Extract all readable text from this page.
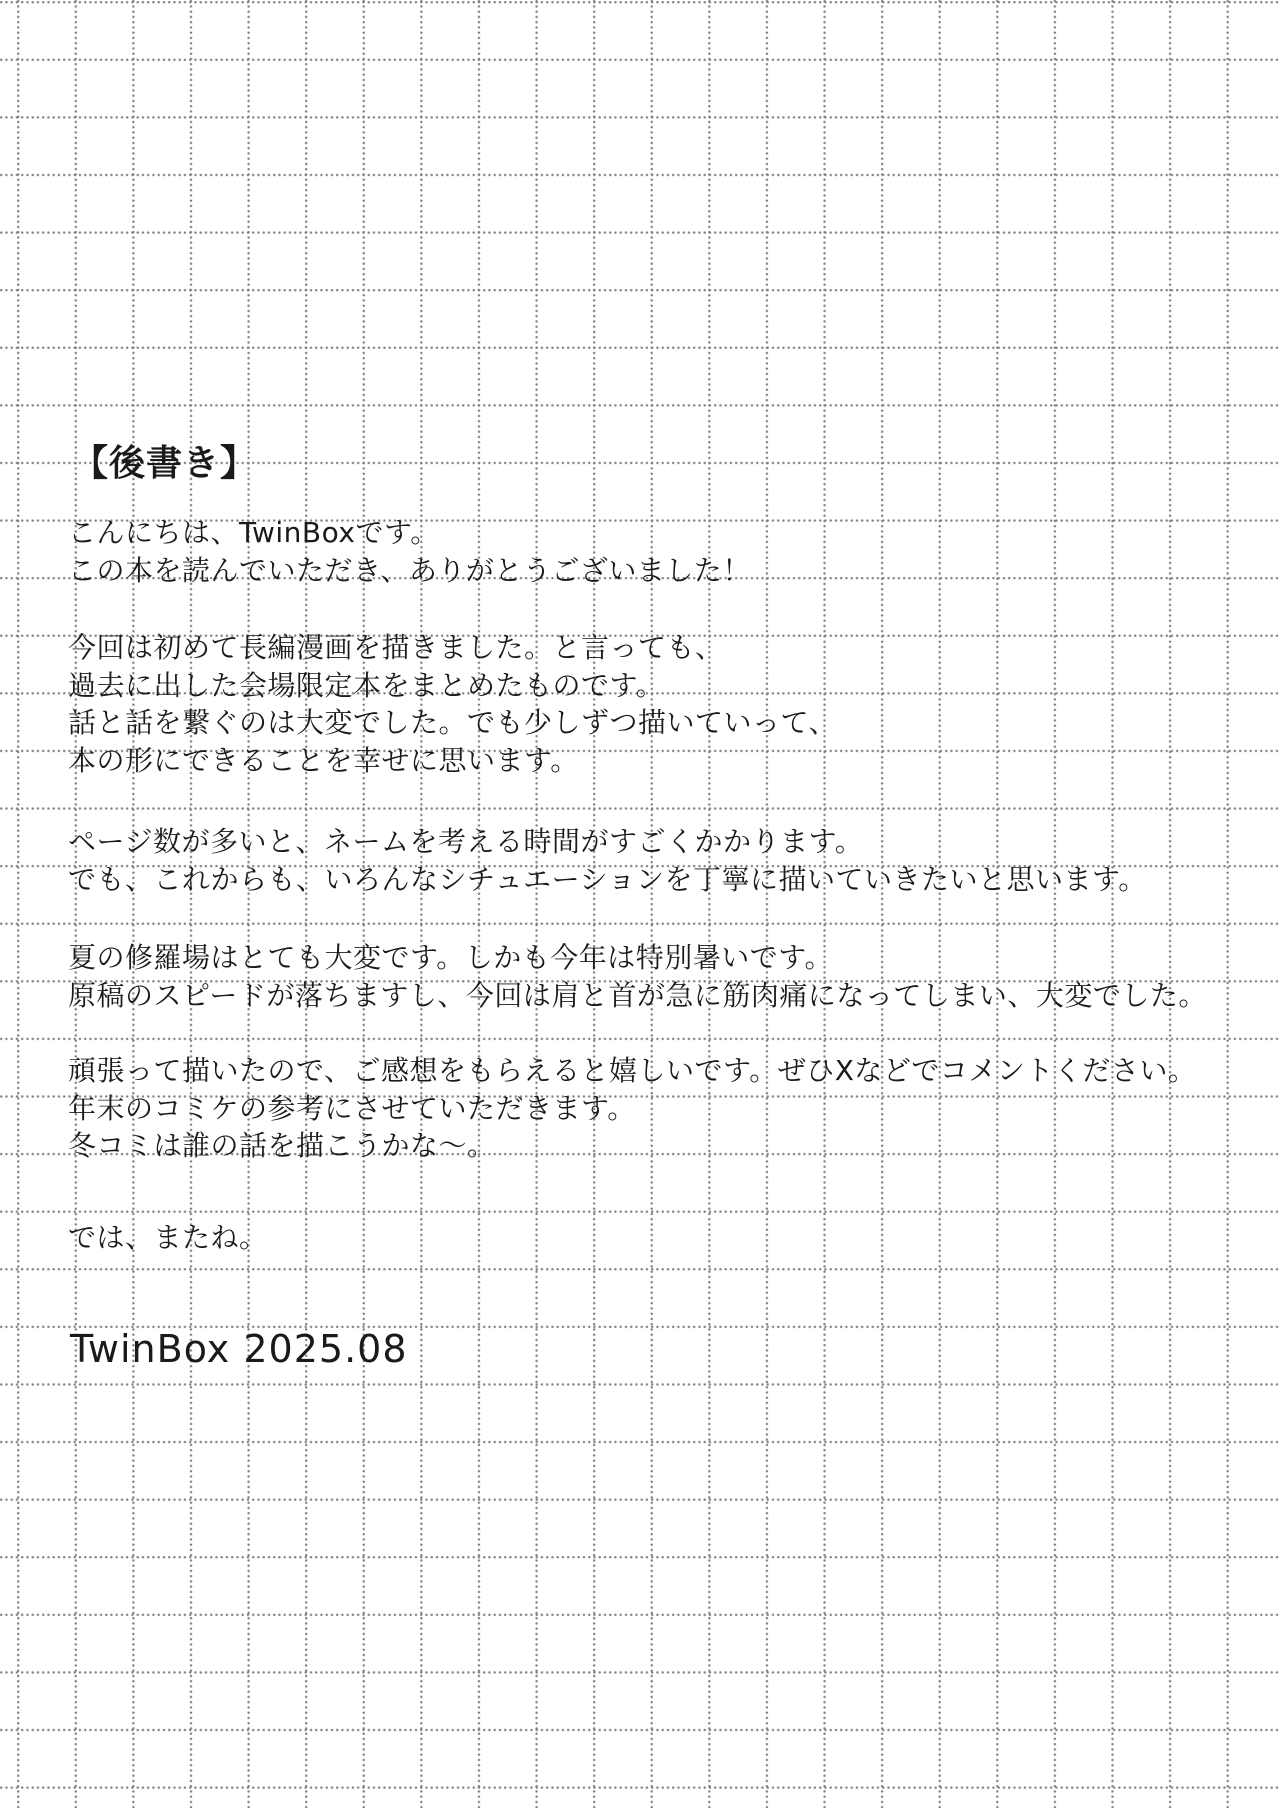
【後書き】
こんにちは、TwinBoxです。
この本を読んでいただき、ありがとうございました！
今回は初めて長編漫画を描きました。と言っても、
過去に出した会場限定本をまとめたものです。
話と話を繋ぐのは大変でした。でも少しずつ描いていって、
本の形にできることを幸せに思います。
ページ数が多いと、ネームを考える時間がすごくかかります。
でも、これからも、いろんなシチュエーションを丁寧に描いていきたいと思います。
夏の修羅場はとても大変です。しかも今年は特別暑いです。
原稿のスピードが落ちますし、今回は肩と首が急に筋肉痛になってしまい、大変でした。
頑張って描いたので、ご感想をもらえると嬉しいです。ぜひXなどでコメントください。
年末のコミケの参考にさせていただきます。
冬コミは誰の話を描こうかな～。
では、またね。
TwinBox 2025.08
